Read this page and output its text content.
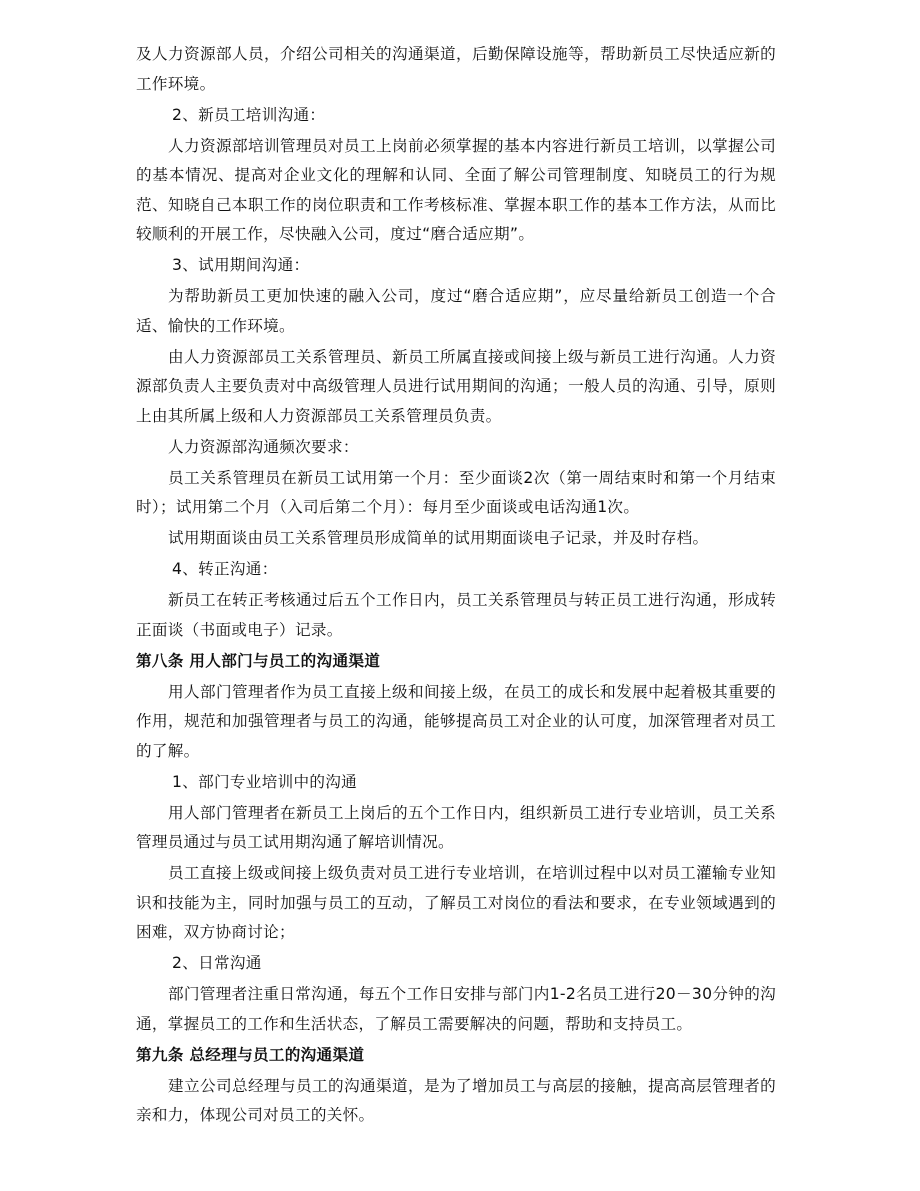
及人力资源部人员，介绍公司相关的沟通渠道，后勤保障设施等，帮助新员工尽快适应新的工作环境。

2、新员工培训沟通：

人力资源部培训管理员对员工上岗前必须掌握的基本内容进行新员工培训，以掌握公司的基本情况、提高对企业文化的理解和认同、全面了解公司管理制度、知晓员工的行为规范、知晓自己本职工作的岗位职责和工作考核标准、掌握本职工作的基本工作方法，从而比较顺利的开展工作，尽快融入公司，度过“磨合适应期”。

3、试用期间沟通：

为帮助新员工更加快速的融入公司，度过“磨合适应期”，应尽量给新员工创造一个合适、愉快的工作环境。

由人力资源部员工关系管理员、新员工所属直接或间接上级与新员工进行沟通。人力资源部负责人主要负责对中高级管理人员进行试用期间的沟通；一般人员的沟通、引导，原则上由其所属上级和人力资源部员工关系管理员负责。

人力资源部沟通频次要求：

员工关系管理员在新员工试用第一个月：至少面谈2次（第一周结束时和第一个月结束时）；试用第二个月（入司后第二个月）：每月至少面谈或电话沟通1次。

试用期面谈由员工关系管理员形成简单的试用期面谈电子记录，并及时存档。

4、转正沟通：

新员工在转正考核通过后五个工作日内，员工关系管理员与转正员工进行沟通，形成转正面谈（书面或电子）记录。

第八条 用人部门与员工的沟通渠道

用人部门管理者作为员工直接上级和间接上级，在员工的成长和发展中起着极其重要的作用，规范和加强管理者与员工的沟通，能够提高员工对企业的认可度，加深管理者对员工的了解。

1、部门专业培训中的沟通

用人部门管理者在新员工上岗后的五个工作日内，组织新员工进行专业培训，员工关系管理员通过与员工试用期沟通了解培训情况。

员工直接上级或间接上级负责对员工进行专业培训，在培训过程中以对员工灌输专业知识和技能为主，同时加强与员工的互动，了解员工对岗位的看法和要求，在专业领域遇到的困难，双方协商讨论；

2、日常沟通

部门管理者注重日常沟通，每五个工作日安排与部门内1-2名员工进行20－30分钟的沟通，掌握员工的工作和生活状态，了解员工需要解决的问题，帮助和支持员工。

第九条 总经理与员工的沟通渠道

建立公司总经理与员工的沟通渠道，是为了增加员工与高层的接触，提高高层管理者的亲和力，体现公司对员工的关怀。
